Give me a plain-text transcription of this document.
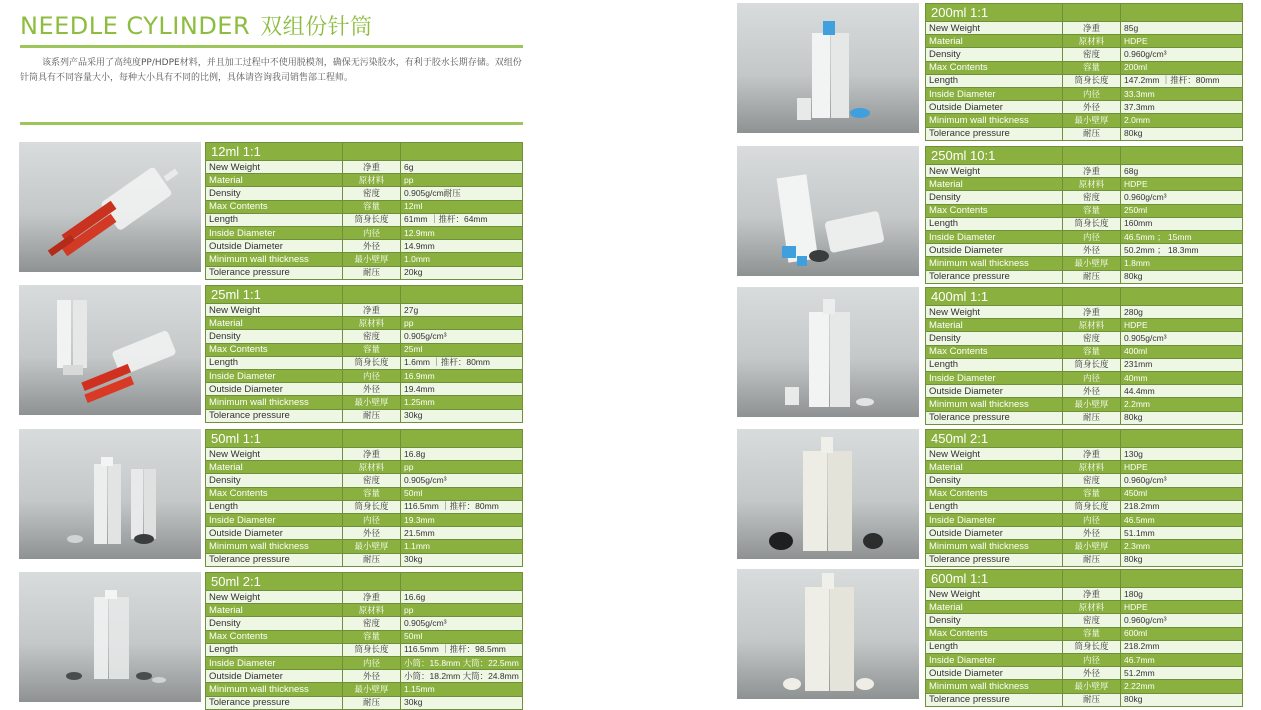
NEEDLE CYLINDER 双组份针筒
该系列产品采用了高纯度PP/HDPE材料，并且加工过程中不使用脱模剂，确保无污染胶水，有利于胶水长期存储。双组份针筒具有不同容量大小，每种大小具有不同的比例，具体请咨询我司销售部工程师。
12ml 1:1		
New Weight	净重	6g
Material	原材料	pp
Density	密度	0.905g/cm耐压
Max Contents	容量	12ml
Length	筒身长度	61mm ｜推杆：64mm
Inside Diameter	内径	12.9mm
Outside Diameter	外径	14.9mm
Minimum wall thickness	最小壁厚	1.0mm
Tolerance pressure	耐压	20kg
25ml 1:1		
New Weight	净重	27g
Material	原材料	pp
Density	密度	0.905g/cm³
Max Contents	容量	25ml
Length	筒身长度	1.6mm ｜推杆：80mm
Inside Diameter	内径	16.9mm
Outside Diameter	外径	19.4mm
Minimum wall thickness	最小壁厚	1.25mm
Tolerance pressure	耐压	30kg
50ml 1:1		
New Weight	净重	16.8g
Material	原材料	pp
Density	密度	0.905g/cm³
Max Contents	容量	50ml
Length	筒身长度	116.5mm ｜推杆：80mm
Inside Diameter	内径	19.3mm
Outside Diameter	外径	21.5mm
Minimum wall thickness	最小壁厚	1.1mm
Tolerance pressure	耐压	30kg
50ml 2:1		
New Weight	净重	16.6g
Material	原材料	pp
Density	密度	0.905g/cm³
Max Contents	容量	50ml
Length	筒身长度	116.5mm ｜推杆：98.5mm
Inside Diameter	内径	小筒：15.8mm 大筒：22.5mm
Outside Diameter	外径	小筒：18.2mm 大筒：24.8mm
Minimum wall thickness	最小壁厚	1.15mm
Tolerance pressure	耐压	30kg
200ml 1:1		
New Weight	净重	85g
Material	原材料	HDPE
Density	密度	0.960g/cm³
Max Contents	容量	200ml
Length	筒身长度	147.2mm ｜推杆：80mm
Inside Diameter	内径	33.3mm
Outside Diameter	外径	37.3mm
Minimum wall thickness	最小壁厚	2.0mm
Tolerance pressure	耐压	80kg
250ml 10:1		
New Weight	净重	68g
Material	原材料	HDPE
Density	密度	0.960g/cm³
Max Contents	容量	250ml
Length	筒身长度	160mm
Inside Diameter	内径	46.5mm ； 15mm
Outside Diameter	外径	50.2mm ； 18.3mm
Minimum wall thickness	最小壁厚	1.8mm
Tolerance pressure	耐压	80kg
400ml 1:1		
New Weight	净重	280g
Material	原材料	HDPE
Density	密度	0.905g/cm³
Max Contents	容量	400ml
Length	筒身长度	231mm
Inside Diameter	内径	40mm
Outside Diameter	外径	44.4mm
Minimum wall thickness	最小壁厚	2.2mm
Tolerance pressure	耐压	80kg
450ml 2:1		
New Weight	净重	130g
Material	原材料	HDPE
Density	密度	0.960g/cm³
Max Contents	容量	450ml
Length	筒身长度	218.2mm
Inside Diameter	内径	46.5mm
Outside Diameter	外径	51.1mm
Minimum wall thickness	最小壁厚	2.3mm
Tolerance pressure	耐压	80kg
600ml 1:1		
New Weight	净重	180g
Material	原材料	HDPE
Density	密度	0.960g/cm³
Max Contents	容量	600ml
Length	筒身长度	218.2mm
Inside Diameter	内径	46.7mm
Outside Diameter	外径	51.2mm
Minimum wall thickness	最小壁厚	2.22mm
Tolerance pressure	耐压	80kg
